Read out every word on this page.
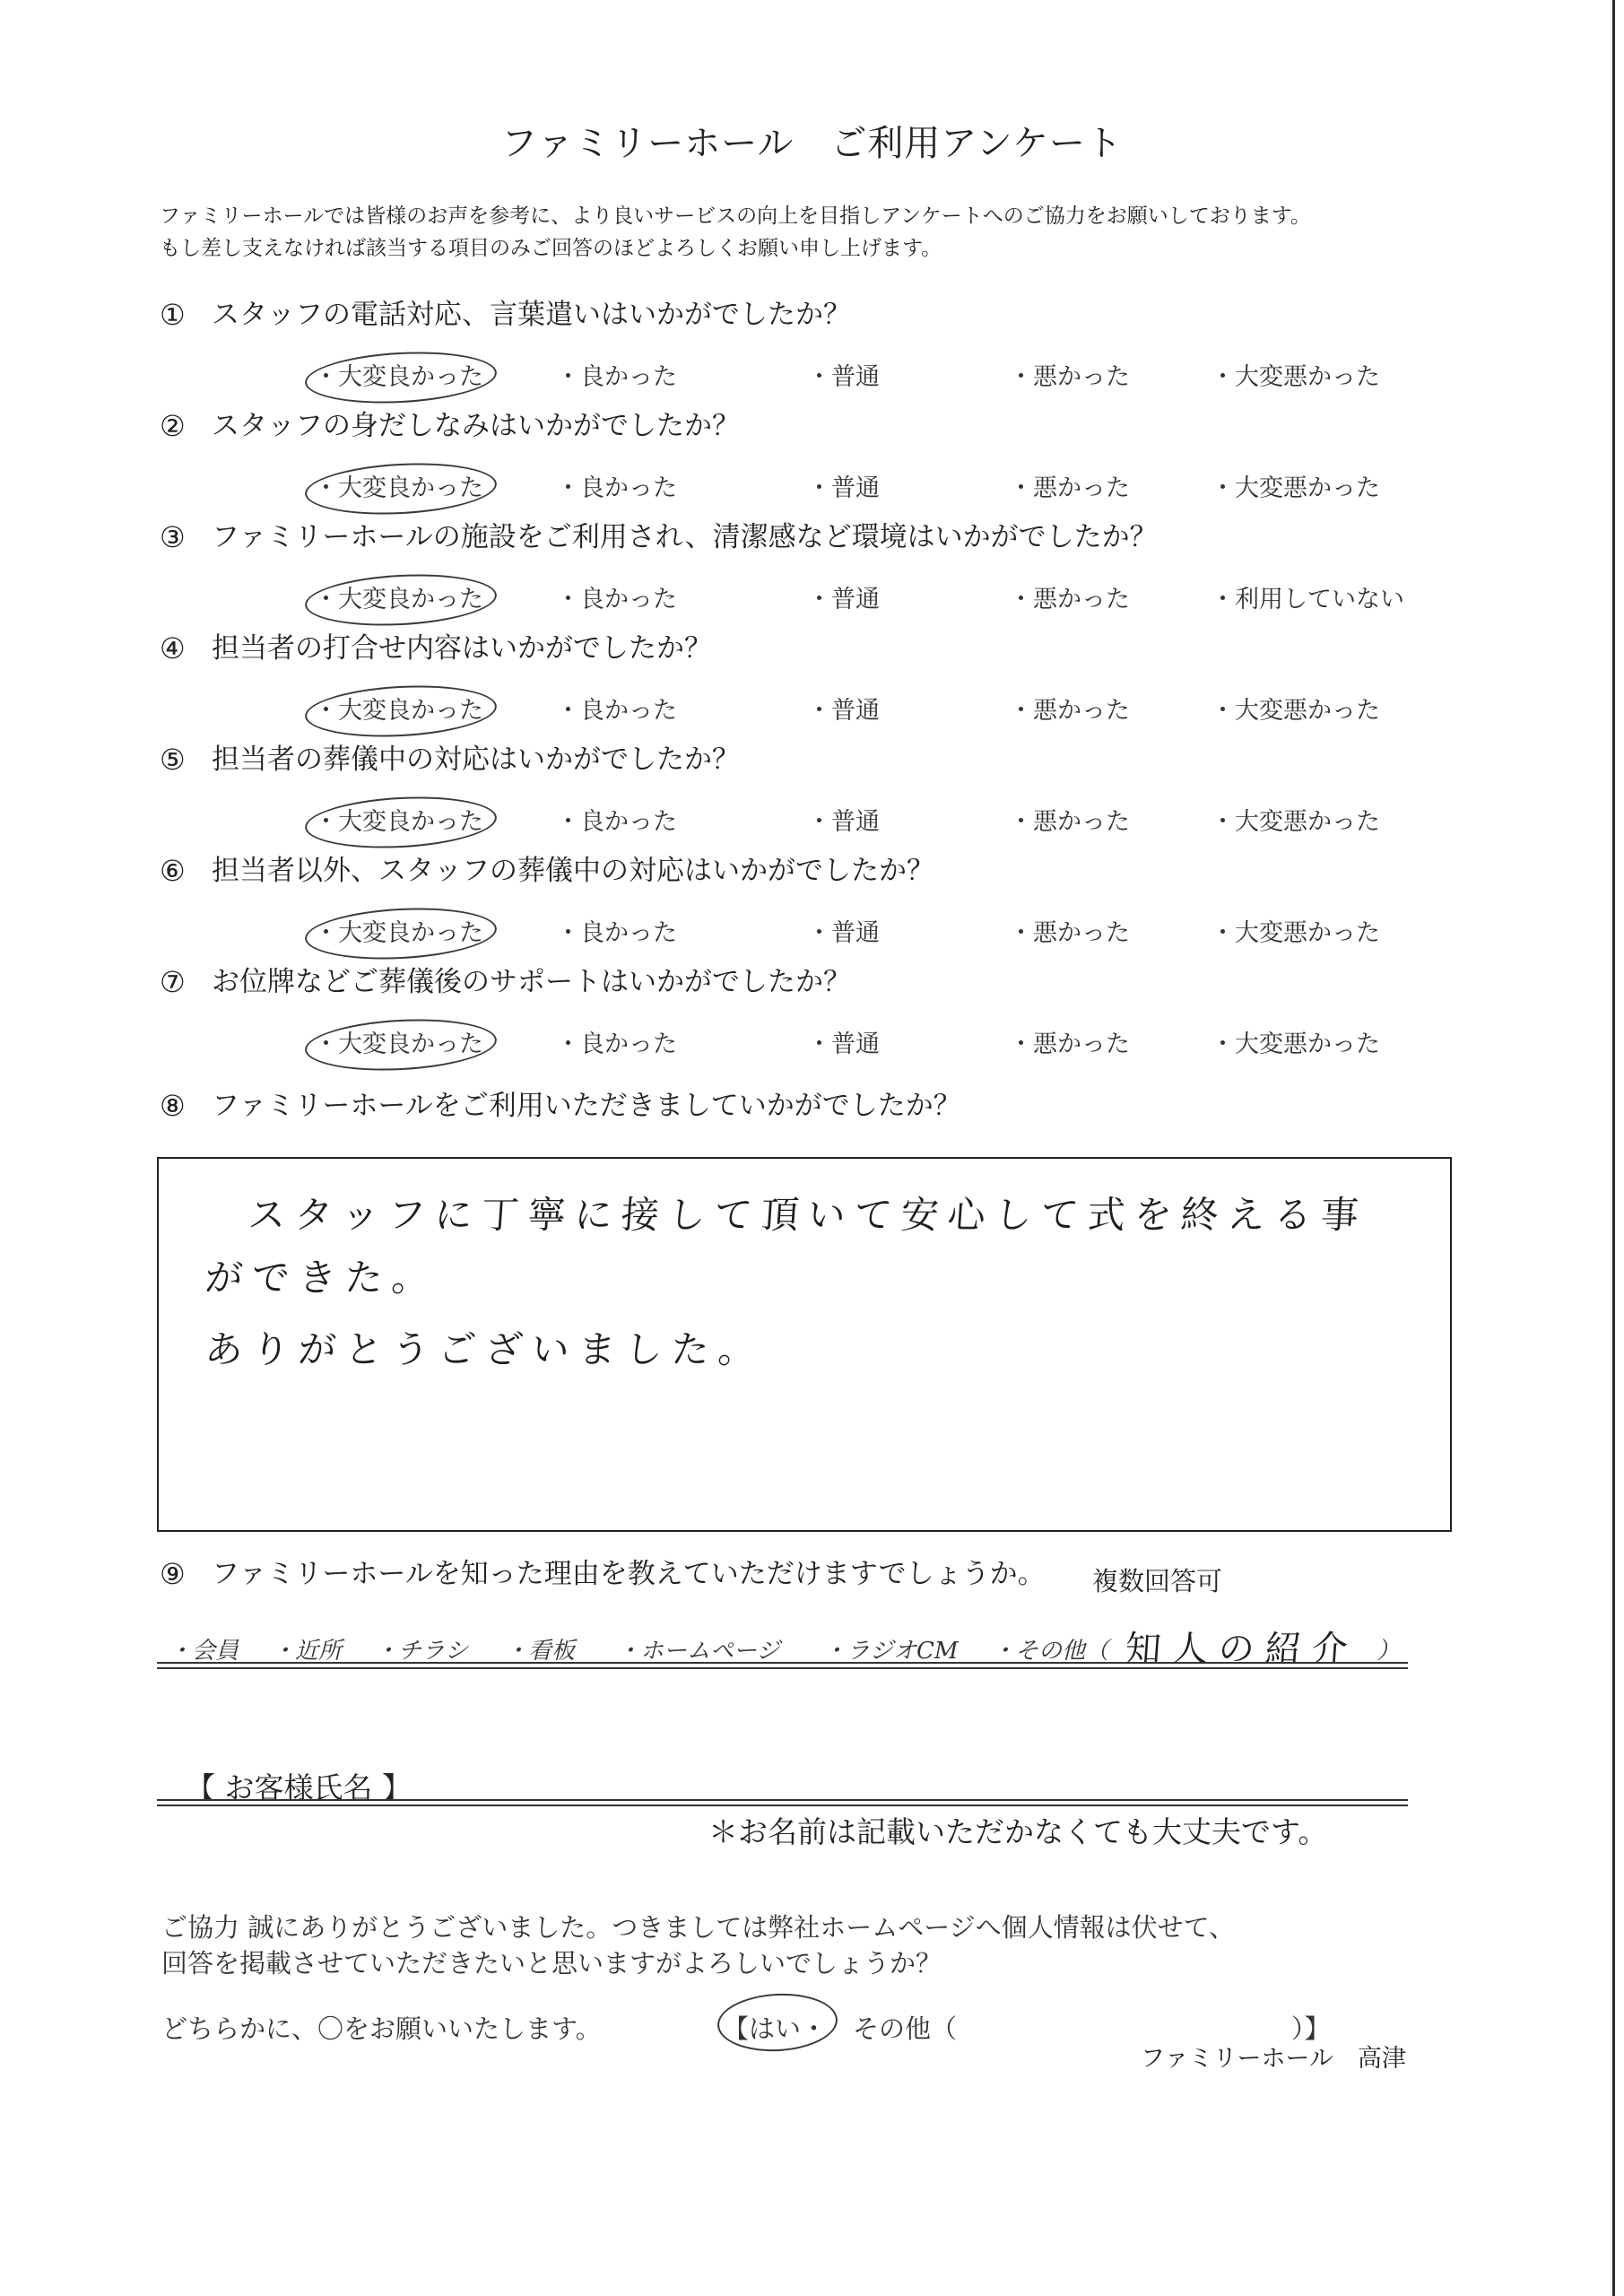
ファミリーホール　ご利用アンケート
ファミリーホールでは皆様のお声を参考に、より良いサービスの向上を目指しアンケートへのご協力をお願いしております。
もし差し支えなければ該当する項目のみご回答のほどよろしくお願い申し上げます。
① スタッフの電話対応、言葉遣いはいかがでしたか？
・大変良かった	・良かった	・普通	・悪かった	・大変悪かった
② スタッフの身だしなみはいかがでしたか？
・大変良かった	・良かった	・普通	・悪かった	・大変悪かった
③ ファミリーホールの施設をご利用され、清潔感など環境はいかがでしたか？
・大変良かった	・良かった	・普通	・悪かった	・利用していない
④ 担当者の打合せ内容はいかがでしたか？
・大変良かった	・良かった	・普通	・悪かった	・大変悪かった
⑤ 担当者の葬儀中の対応はいかがでしたか？
・大変良かった	・良かった	・普通	・悪かった	・大変悪かった
⑥ 担当者以外、スタッフの葬儀中の対応はいかがでしたか？
・大変良かった	・良かった	・普通	・悪かった	・大変悪かった
⑦ お位牌などご葬儀後のサポートはいかがでしたか？
・大変良かった	・良かった	・普通	・悪かった	・大変悪かった
⑧ ファミリーホールをご利用いただきましていかがでしたか？
スタッフに丁寧に接して頂いて安心して式を終える事
ができた。
ありがとうございました。
⑨ ファミリーホールを知った理由を教えていただけますでしょうか。 複数回答可
・会員 ・近所 ・チラシ ・看板 ・ホームページ ・ラジオCM ・その他（ 知人の紹介 ）
【 お客様氏名 】
＊お名前は記載いただかなくても大丈夫です。
ご協力 誠にありがとうございました。つきましては弊社ホームページへ個人情報は伏せて、
回答を掲載させていただきたいと思いますがよろしいでしょうか？
どちらかに、〇をお願いいたします。	【はい・ その他（	）】
ファミリーホール　高津
